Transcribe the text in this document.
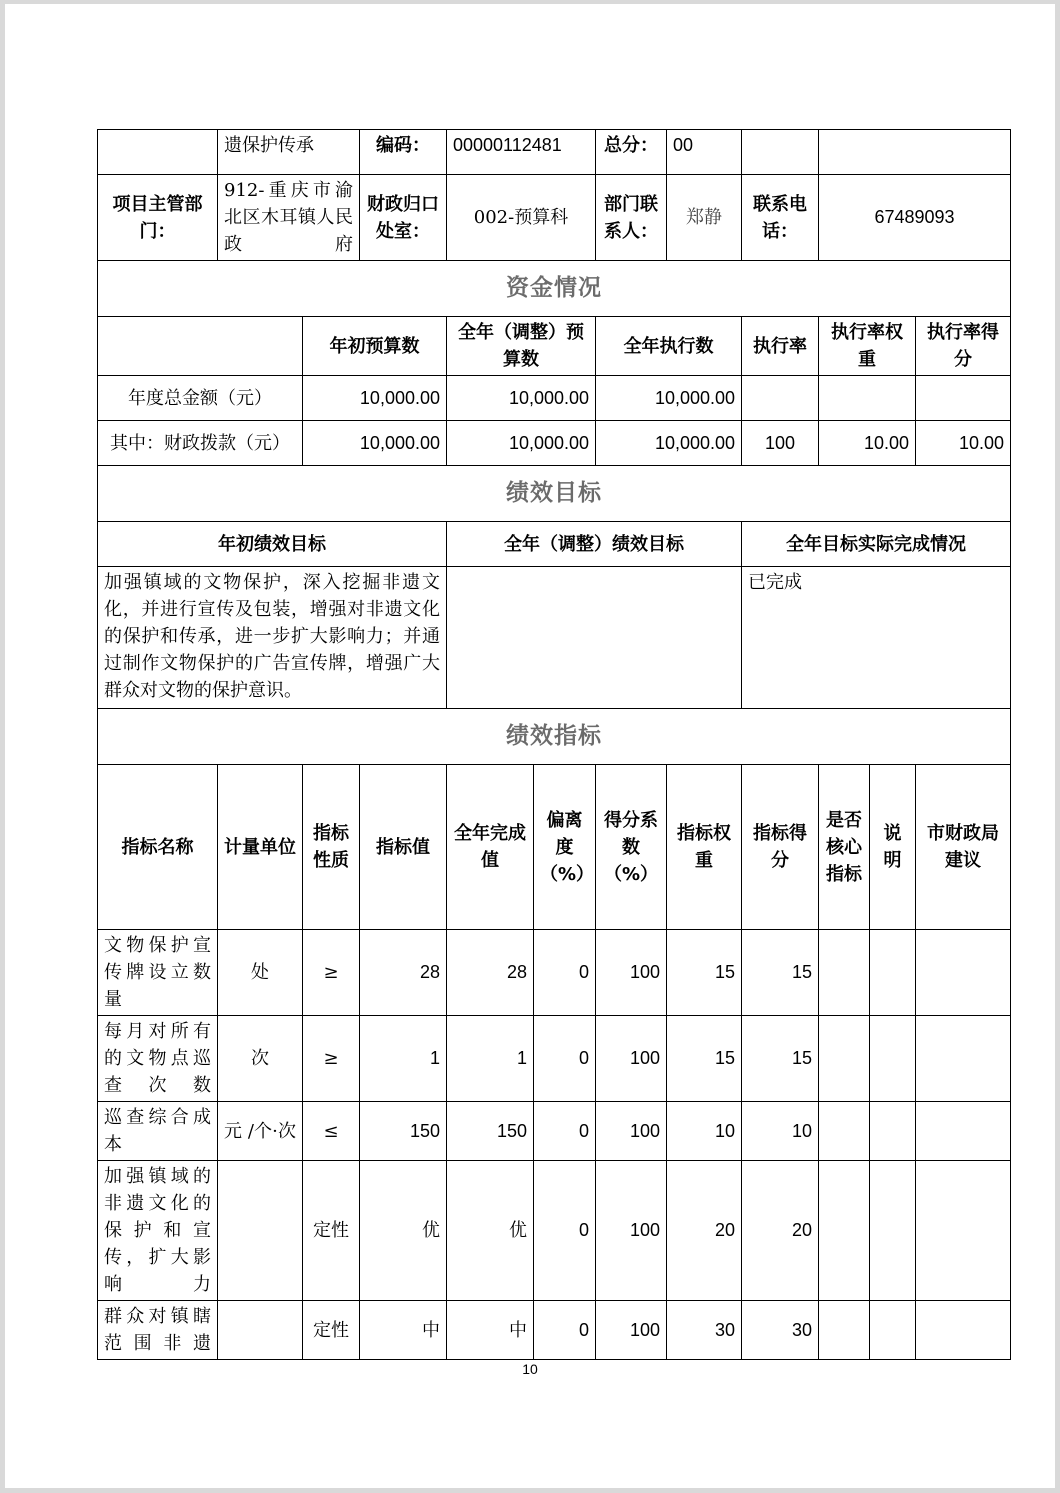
	遗保护传承		编码：	00000112481		总分：	00				
项目主管部门：	912-重庆市渝北区木耳镇人民政府		财政归口处室：	002-预算科		部门联系人：	郑静	联系电话：	67489093		
资金情况											
		年初预算数		全年（调整）预算数		全年执行数		执行率	执行率权重		执行率得分
年度总金额（元）		10,000.00		10,000.00		10,000.00					
其中：财政拨款（元）		10,000.00		10,000.00		10,000.00		100	10.00		10.00
绩效目标											
年初绩效目标				全年（调整）绩效目标				全年目标实际完成情况			
加强镇域的文物保护，深入挖掘非遗文化，并进行宣传及包装，增强对非遗文化的保护和传承，进一步扩大影响力；并通过制作文物保护的广告宣传牌，增强广大群众对文物的保护意识。								已完成			
绩效指标											
指标名称	计量单位	指标性质	指标值	全年完成值	偏离度（%）	得分系数（%）	指标权重	指标得分	是否核心指标	说明	市财政局建议
文物保护宣传牌设立数量	处	≥	28	28	0	100	15	15			
每月对所有的文物点巡查次数	次	≥	1	1	0	100	15	15			
巡查综合成本	元 /个·次	≤	150	150	0	100	10	10			
加强镇域的非遗文化的保护和宣传，扩大影响力		定性	优	优	0	100	20	20			
群众对镇瞎范围非遗		定性	中	中	0	100	30	30			
10
